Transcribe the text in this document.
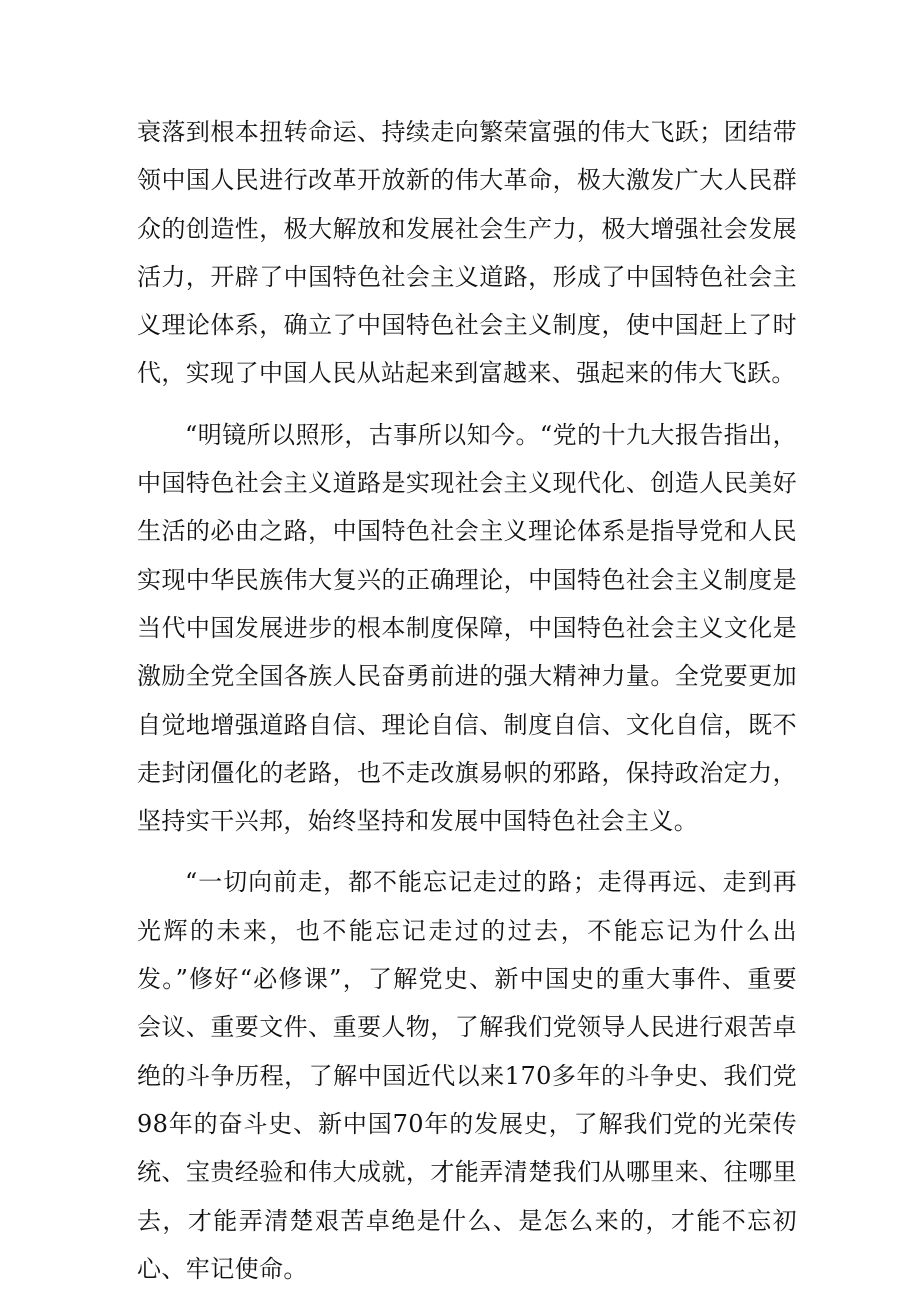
衰落到根本扭转命运、持续走向繁荣富强的伟大飞跃；团结带领中国人民进行改革开放新的伟大革命，极大激发广大人民群众的创造性，极大解放和发展社会生产力，极大增强社会发展活力，开辟了中国特色社会主义道路，形成了中国特色社会主义理论体系，确立了中国特色社会主义制度，使中国赶上了时代，实现了中国人民从站起来到富越来、强起来的伟大飞跃。

“明镜所以照形，古事所以知今。“党的十九大报告指出，中国特色社会主义道路是实现社会主义现代化、创造人民美好生活的必由之路，中国特色社会主义理论体系是指导党和人民实现中华民族伟大复兴的正确理论，中国特色社会主义制度是当代中国发展进步的根本制度保障，中国特色社会主义文化是激励全党全国各族人民奋勇前进的强大精神力量。全党要更加自觉地增强道路自信、理论自信、制度自信、文化自信，既不走封闭僵化的老路，也不走改旗易帜的邪路，保持政治定力，坚持实干兴邦，始终坚持和发展中国特色社会主义。

“一切向前走，都不能忘记走过的路；走得再远、走到再光辉的未来，也不能忘记走过的过去，不能忘记为什么出发。”修好“必修课”，了解党史、新中国史的重大事件、重要会议、重要文件、重要人物，了解我们党领导人民进行艰苦卓绝的斗争历程，了解中国近代以来170多年的斗争史、我们党98年的奋斗史、新中国70年的发展史，了解我们党的光荣传统、宝贵经验和伟大成就，才能弄清楚我们从哪里来、往哪里去，才能弄清楚艰苦卓绝是什么、是怎么来的，才能不忘初心、牢记使命。
